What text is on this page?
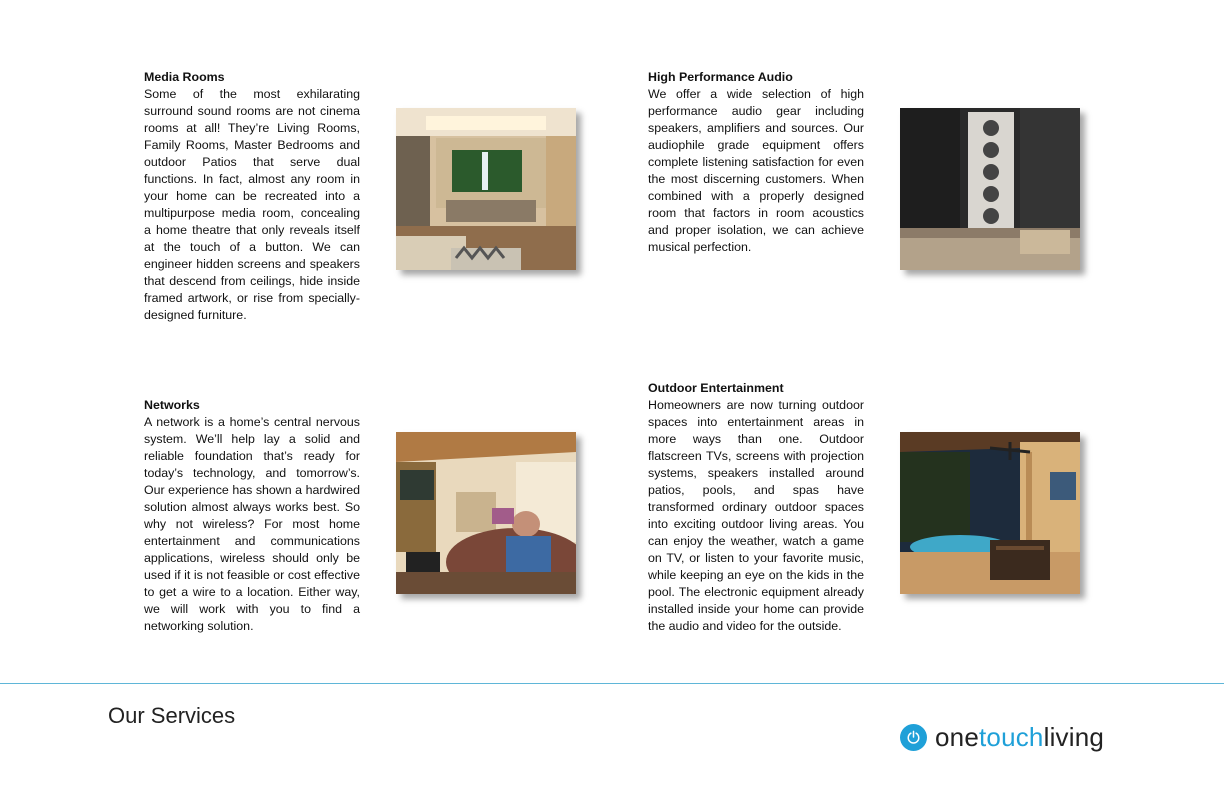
Media Rooms

Some of the most exhilarating surround sound rooms are not cinema rooms at all! They’re Living Rooms, Family Rooms, Master Bedrooms and outdoor Patios that serve dual functions. In fact, almost any room in your home can be recreated into a multipurpose media room, concealing a home theatre that only reveals itself at the touch of a button. We can engineer hidden screens and speakers that descend from ceilings, hide inside framed artwork, or rise from specially-designed furniture.

High Performance Audio

We offer a wide selection of high performance audio gear including speakers, amplifiers and sources. Our audiophile grade equipment offers complete listening satisfaction for even the most discerning customers. When combined with a properly designed room that factors in room acoustics and proper isolation, we can achieve musical perfection.

Networks

A network is a home’s central nervous system. We’ll help lay a solid and reliable foundation that’s ready for today’s technology, and tomorrow’s. Our experience has shown a hardwired solution almost always works best. So why not wireless? For most home entertainment and communications applications, wireless should only be used if it is not feasible or cost effective to get a wire to a location. Either way, we will work with you to find a networking solution.

Outdoor Entertainment

Homeowners are now turning outdoor spaces into entertainment areas in more ways than one. Outdoor flatscreen TVs, screens with projection systems, speakers installed around patios, pools, and spas have transformed ordinary outdoor spaces into exciting outdoor living areas. You can enjoy the weather, watch a game on TV, or listen to your favorite music, while keeping an eye on the kids in the pool. The electronic equipment already installed inside your home can provide the audio and video for the outside.

Our Services
onetouchliving
